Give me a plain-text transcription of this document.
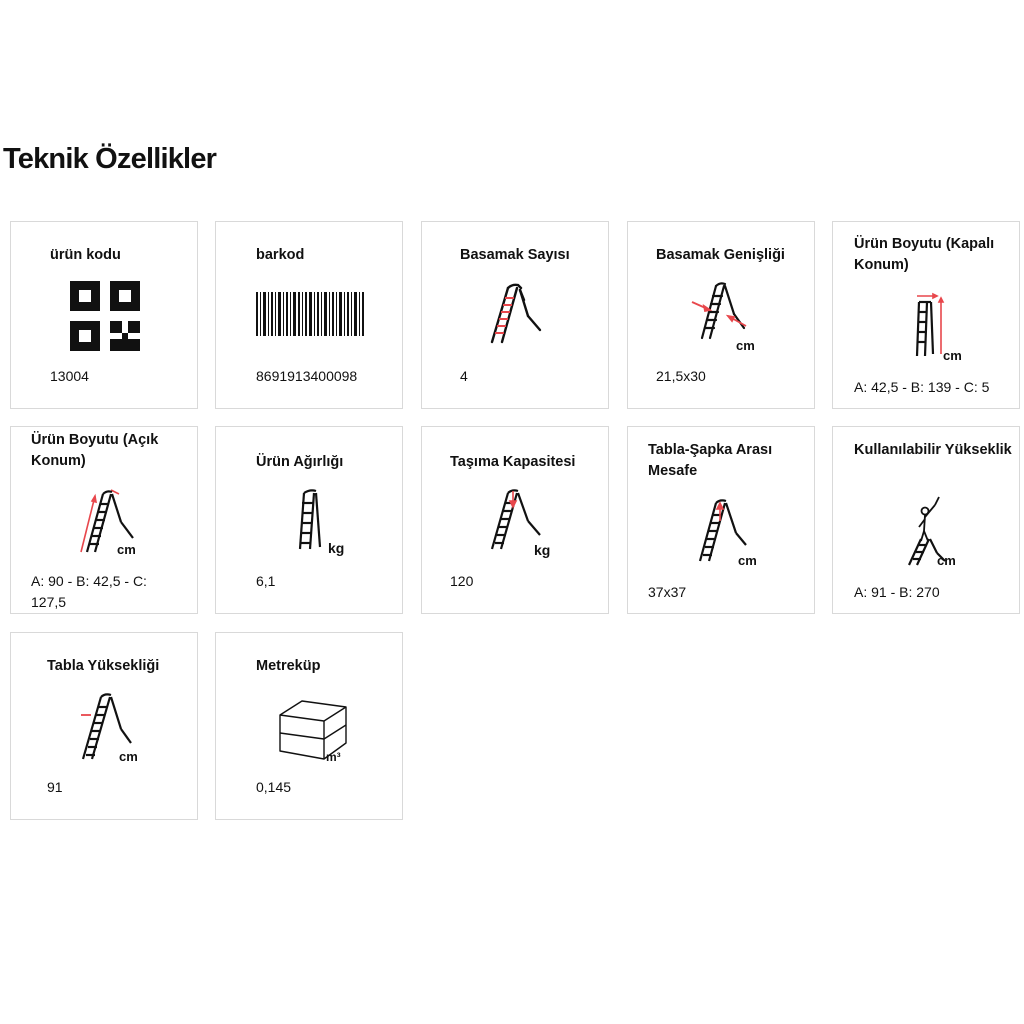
Teknik Özellikler
ürün kodu
13004
barkod
8691913400098
Basamak Sayısı
4
Basamak Genişliği
cm
21,5x30
Ürün Boyutu (Kapalı Konum)
cm
A: 42,5 - B: 139 - C: 5
Ürün Boyutu (Açık Konum)
cm
A: 90 - B: 42,5 - C: 127,5
Ürün Ağırlığı
kg
6,1
Taşıma Kapasitesi
kg
120
Tabla-Şapka Arası Mesafe
cm
37x37
Kullanılabilir Yükseklik
cm
A: 91 - B: 270
Tabla Yüksekliği
cm
91
Metreküp
m³
0,145
